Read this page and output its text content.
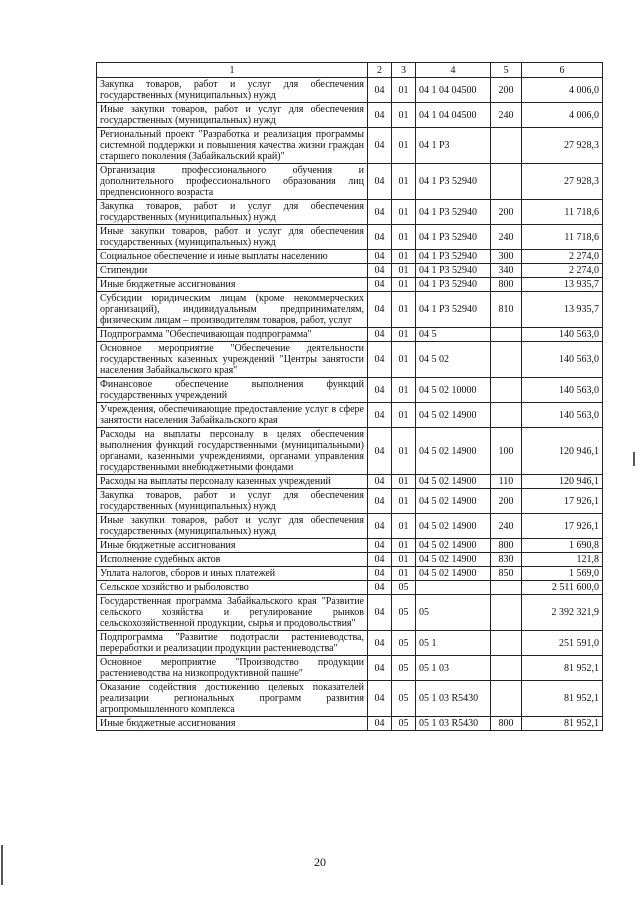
1	2	3	4	5	6
Закупка товаров, работ и услуг для обеспечения государственных (муниципальных) нужд	04	01	04 1 04 04500	200	4 006,0
Иные закупки товаров, работ и услуг для обеспечения государственных (муниципальных) нужд	04	01	04 1 04 04500	240	4 006,0
Региональный проект "Разработка и реализация программы системной поддержки и повышения качества жизни граждан старшего поколения (Забайкальский край)"	04	01	04 1 P3		27 928,3
Организация профессионального обучения и дополнительного профессионального образования лиц предпенсионного возраста	04	01	04 1 P3 52940		27 928,3
Закупка товаров, работ и услуг для обеспечения государственных (муниципальных) нужд	04	01	04 1 P3 52940	200	11 718,6
Иные закупки товаров, работ и услуг для обеспечения государственных (муниципальных) нужд	04	01	04 1 P3 52940	240	11 718,6
Социальное обеспечение и иные выплаты населению	04	01	04 1 P3 52940	300	2 274,0
Стипендии	04	01	04 1 P3 52940	340	2 274,0
Иные бюджетные ассигнования	04	01	04 1 P3 52940	800	13 935,7
Субсидии юридическим лицам (кроме некоммерческих организаций), индивидуальным предпринимателям, физическим лицам – производителям товаров, работ, услуг	04	01	04 1 P3 52940	810	13 935,7
Подпрограмма "Обеспечивающая подпрограмма"	04	01	04 5		140 563,0
Основное мероприятие "Обеспечение деятельности государственных казенных учреждений "Центры занятости населения Забайкальского края"	04	01	04 5 02		140 563,0
Финансовое обеспечение выполнения функций государственных учреждений	04	01	04 5 02 10000		140 563,0
Учреждения, обеспечивающие предоставление услуг в сфере занятости населения Забайкальского края	04	01	04 5 02 14900		140 563,0
Расходы на выплаты персоналу в целях обеспечения выполнения функций государственными (муниципальными) органами, казенными учреждениями, органами управления государственными внебюджетными фондами	04	01	04 5 02 14900	100	120 946,1
Расходы на выплаты персоналу казенных учреждений	04	01	04 5 02 14900	110	120 946,1
Закупка товаров, работ и услуг для обеспечения государственных (муниципальных) нужд	04	01	04 5 02 14900	200	17 926,1
Иные закупки товаров, работ и услуг для обеспечения государственных (муниципальных) нужд	04	01	04 5 02 14900	240	17 926,1
Иные бюджетные ассигнования	04	01	04 5 02 14900	800	1 690,8
Исполнение судебных актов	04	01	04 5 02 14900	830	121,8
Уплата налогов, сборов и иных платежей	04	01	04 5 02 14900	850	1 569,0
Сельское хозяйство и рыболовство	04	05			2 511 600,0
Государственная программа Забайкальского края "Развитие сельского хозяйства и регулирование рынков сельскохозяйственной продукции, сырья и продовольствия"	04	05	05		2 392 321,9
Подпрограмма "Развитие подотрасли растениеводства, переработки и реализации продукции растениеводства"	04	05	05 1		251 591,0
Основное мероприятие "Производство продукции растениеводства на низкопродуктивной пашне"	04	05	05 1 03		81 952,1
Оказание содействия достижению целевых показателей реализации региональных программ развития агропромышленного комплекса	04	05	05 1 03 R5430		81 952,1
Иные бюджетные ассигнования	04	05	05 1 03 R5430	800	81 952,1
20
